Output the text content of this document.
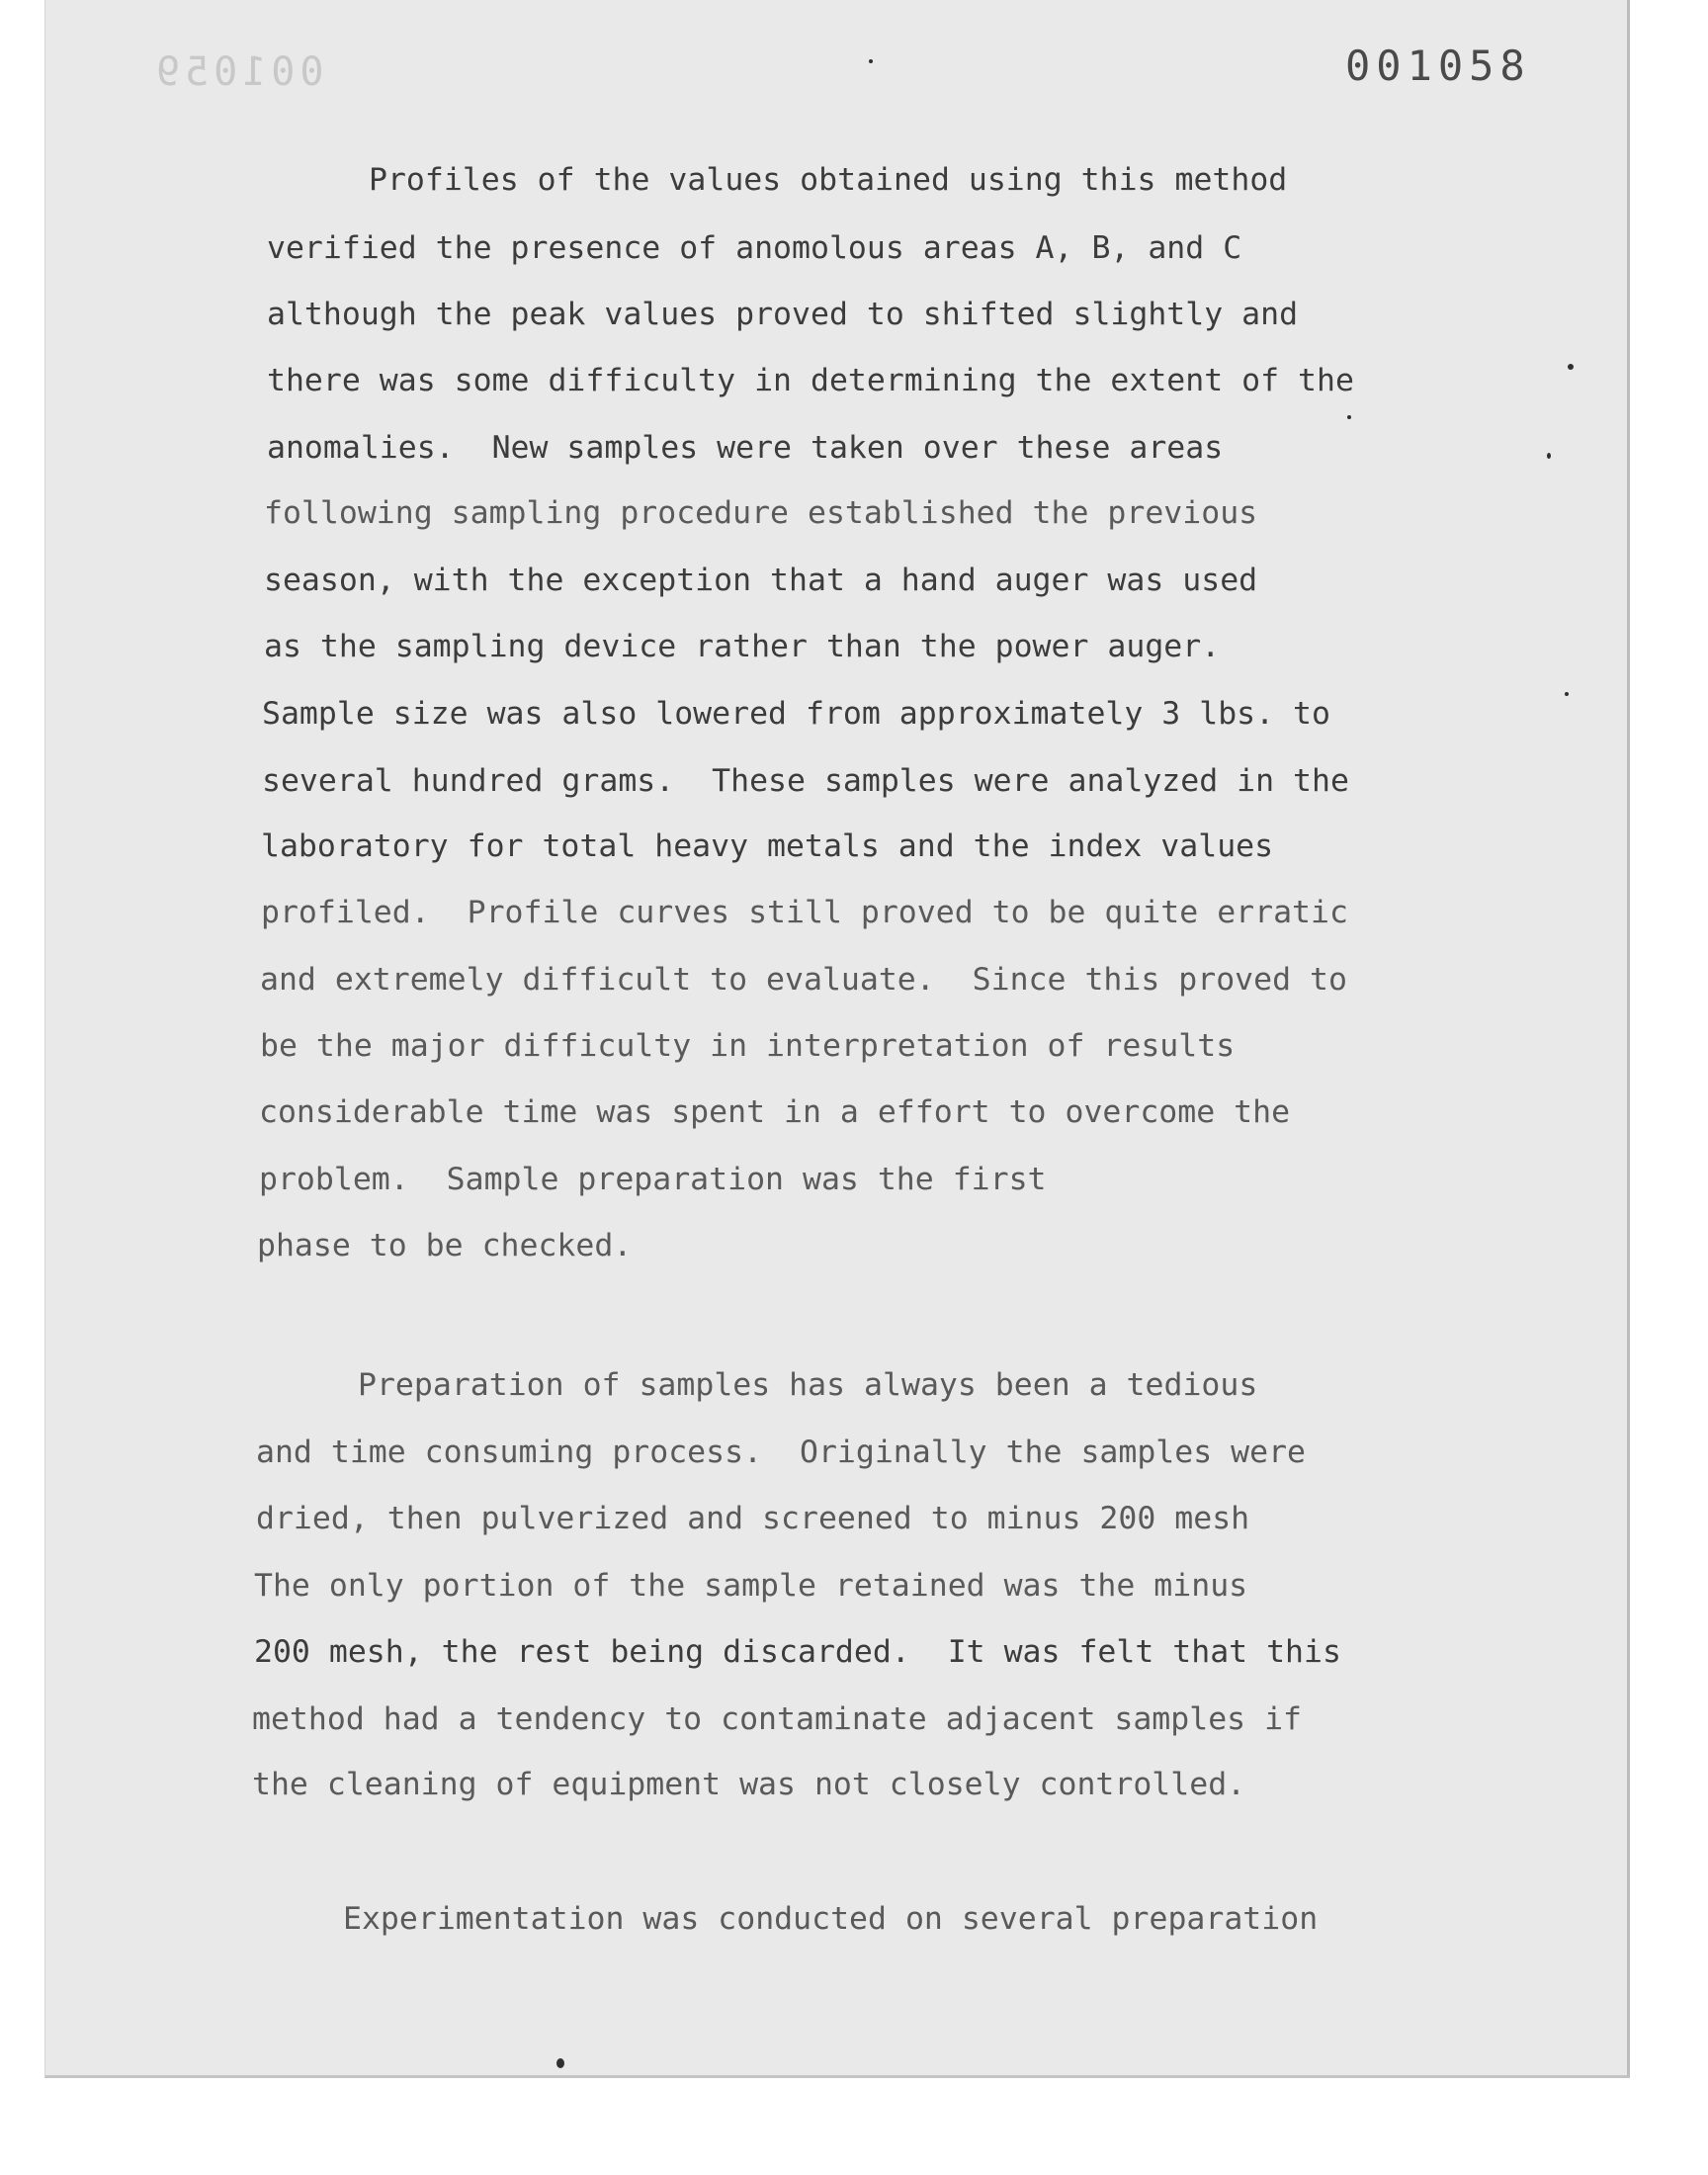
001059	001058
Profiles of the values obtained using this method
verified the presence of anomolous areas A, B, and C
although the peak values proved to shifted slightly and
there was some difficulty in determining the extent of the
anomalies.  New samples were taken over these areas
following sampling procedure established the previous
season, with the exception that a hand auger was used
as the sampling device rather than the power auger.
Sample size was also lowered from approximately 3 lbs. to
several hundred grams.  These samples were analyzed in the
laboratory for total heavy metals and the index values
profiled.  Profile curves still proved to be quite erratic
and extremely difficult to evaluate.  Since this proved to
be the major difficulty in interpretation of results
considerable time was spent in a effort to overcome the
problem.  Sample preparation was the first
phase to be checked.
Preparation of samples has always been a tedious
and time consuming process.  Originally the samples were
dried, then pulverized and screened to minus 200 mesh
The only portion of the sample retained was the minus
200 mesh, the rest being discarded.  It was felt that this
method had a tendency to contaminate adjacent samples if
the cleaning of equipment was not closely controlled.
Experimentation was conducted on several preparation
